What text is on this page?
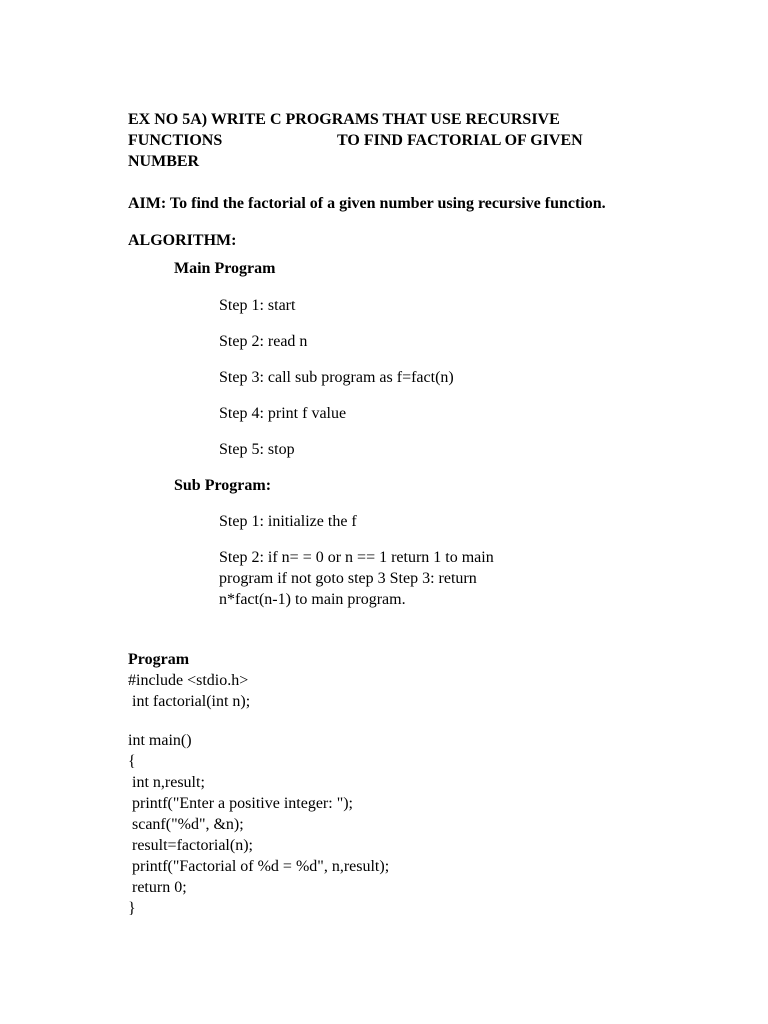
EX NO 5A) WRITE C PROGRAMS THAT USE RECURSIVE
FUNCTIONS	TO FIND FACTORIAL OF GIVEN
NUMBER
AIM: To find the factorial of a given number using recursive function.
ALGORITHM:
Main Program
Step 1: start
Step 2: read n
Step 3: call sub program as f=fact(n)
Step 4: print f value
Step 5: stop
Sub Program:
Step 1: initialize the f
Step 2: if n= = 0 or n == 1 return 1 to main
program if not goto step 3 Step 3: return
n*fact(n-1) to main program.
Program
#include <stdio.h>
int factorial(int n);
int main()
{
int n,result;
printf("Enter a positive integer: ");
scanf("%d", &n);
result=factorial(n);
printf("Factorial of %d = %d", n,result);
return 0;
}
